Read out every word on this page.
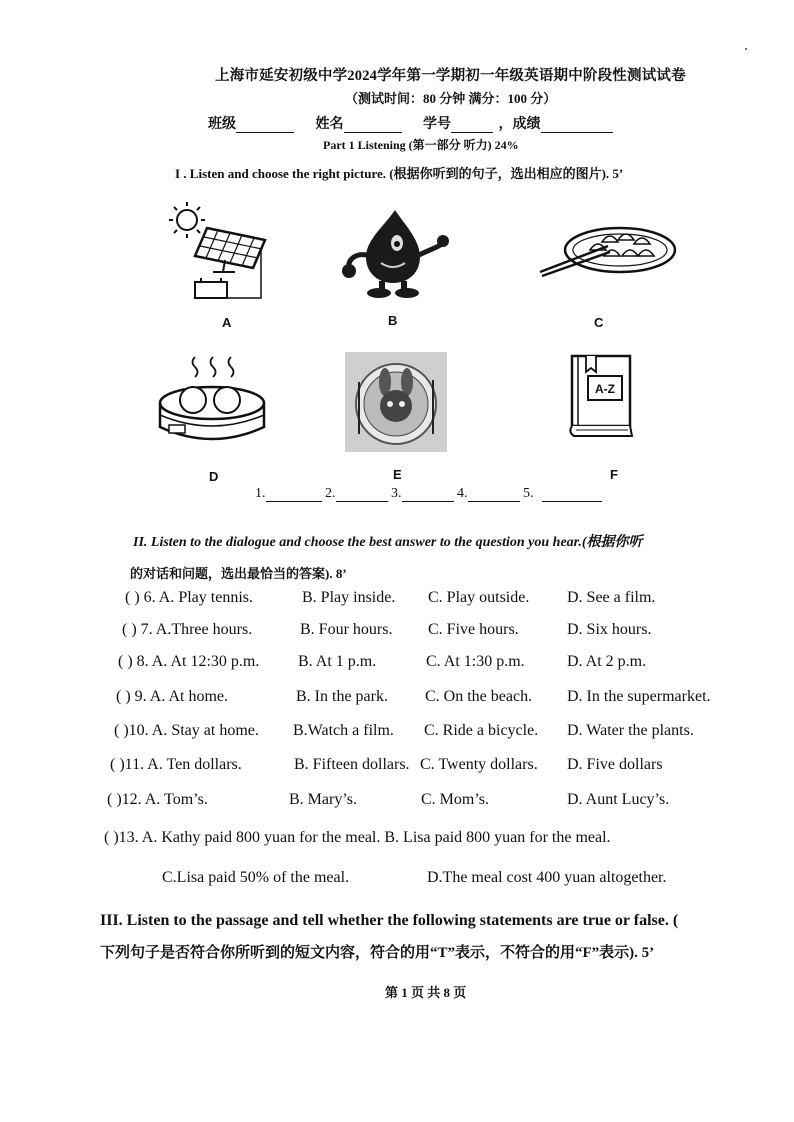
上海市延安初级中学2024学年第一学期初一年级英语期中阶段性测试试卷
（测试时间：80 分钟 满分：100 分）
班级	姓名	学号	，成绩
Part 1 Listening (第一部分 听力) 24%
I . Listen and choose the right picture. (根据你听到的句子，选出相应的图片). 5’
A	B	C
D	E
A-Z
F
1.	2.	3.	4.	5.
II. Listen to the dialogue and choose the best answer to the question you hear.(根据你听
的对话和问题，选出最恰当的答案). 8’
( ) 6. A. Play tennis.	B. Play inside. C. Play outside. D. See a film.
( ) 7. A.Three hours.	B. Four hours. C. Five hours.	D. Six hours.
( ) 8. A. At 12:30 p.m. B. At 1 p.m.	C. At 1:30 p.m.	D. At 2 p.m.
( ) 9. A. At home.	B. In the park. C. On the beach. D. In the supermarket.
( )10. A. Stay at home. B.Watch a film. C. Ride a bicycle. D. Water the plants.
( )11. A. Ten dollars.	B. Fifteen dollars. C. Twenty dollars. D. Five dollars
( )12. A. Tom’s.	B. Mary’s.	C. Mom’s.	D. Aunt Lucy’s.
( )13. A. Kathy paid 800 yuan for the meal. B. Lisa paid 800 yuan for the meal.
C.Lisa paid 50% of the meal.	D.The meal cost 400 yuan altogether.
III. Listen to the passage and tell whether the following statements are true or false. (
下列句子是否符合你所听到的短文内容，符合的用“T”表示，不符合的用“F”表示). 5’
第 1 页 共 8 页
